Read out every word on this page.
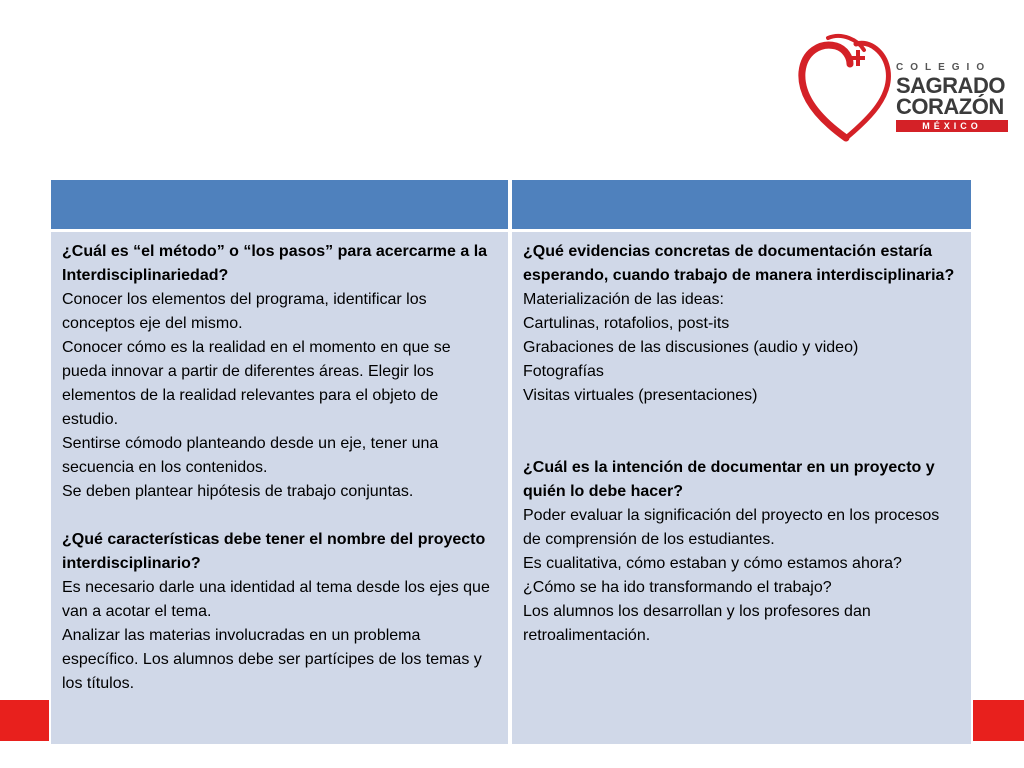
COLEGIO
SAGRADO
CORAZÓN
MÉXICO

¿Cuál es “el método” o “los pasos” para acercarme a la Interdisciplinariedad?

Conocer los elementos del programa, identificar los conceptos eje del mismo.

Conocer cómo es la realidad en el momento en que se pueda innovar a partir de diferentes áreas. Elegir los elementos de la realidad relevantes para el objeto de estudio.

Sentirse cómodo planteando desde un eje, tener una secuencia en los contenidos.

Se deben plantear hipótesis de trabajo conjuntas.

¿Qué características debe tener el nombre del proyecto interdisciplinario?

Es necesario darle una identidad al tema desde los ejes que van a acotar el tema.

Analizar las materias involucradas en un problema específico. Los alumnos debe ser partícipes de los temas y los títulos.

¿Qué evidencias concretas de documentación estaría esperando, cuando trabajo de manera interdisciplinaria?

Materialización de las ideas:

Cartulinas, rotafolios, post-its

Grabaciones de las discusiones (audio y video)

Fotografías

Visitas virtuales (presentaciones)

¿Cuál es la intención de documentar en un proyecto y quién lo debe hacer?

Poder evaluar la significación del proyecto en los procesos de comprensión de los estudiantes.

Es cualitativa, cómo estaban y cómo estamos ahora?

¿Cómo se ha ido transformando el trabajo?

Los alumnos los desarrollan y los profesores dan retroalimentación.
